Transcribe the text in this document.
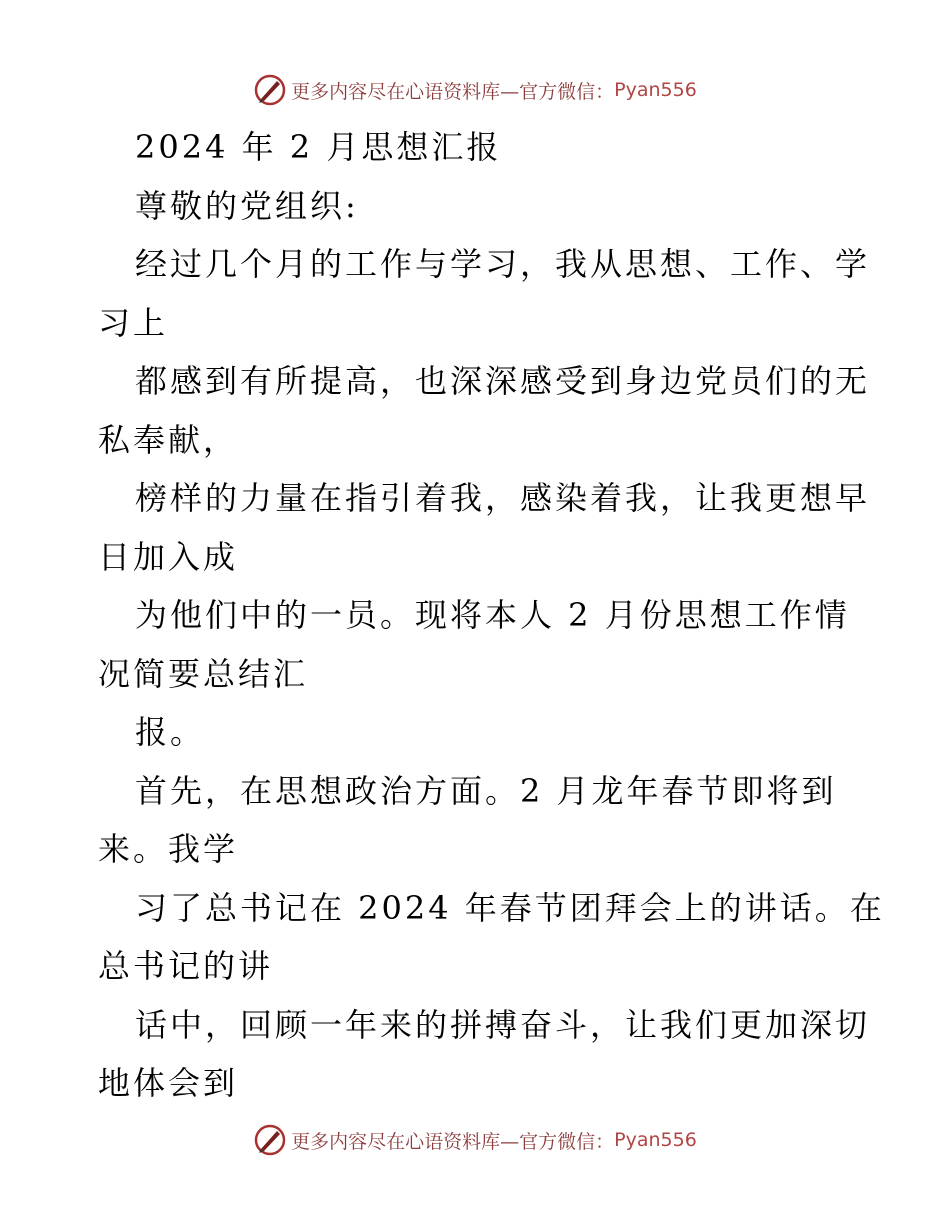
更多内容尽在心语资料库—官方微信： Pyan556
2024 年 2 月思想汇报
尊敬的党组织:
经过几个月的工作与学习，我从思想、工作、学
习上
都感到有所提高，也深深感受到身边党员们的无
私奉献，
榜样的力量在指引着我，感染着我，让我更想早
日加入成
为他们中的一员。现将本人 2 月份思想工作情
况简要总结汇
报。
首先，在思想政治方面。2 月龙年春节即将到
来。我学
习了总书记在 2024 年春节团拜会上的讲话。在
总书记的讲
话中，回顾一年来的拼搏奋斗，让我们更加深切
地体会到
更多内容尽在心语资料库—官方微信： Pyan556
